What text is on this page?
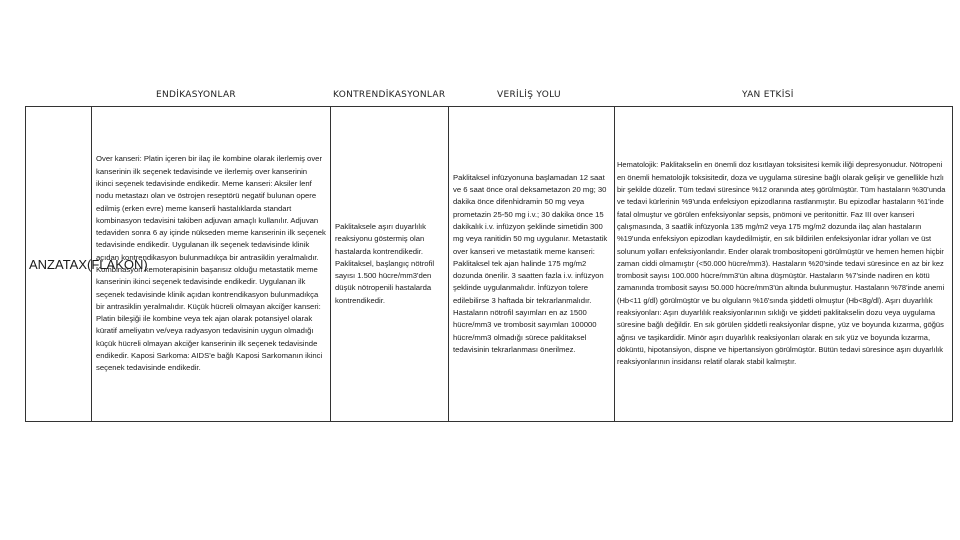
ENDİKASYONLAR	KONTRENDİKASYONLAR	VERİLİŞ YOLU	YAN ETKİSİ
ANZATAX(FLAKON)	Over kanseri: Platin içeren bir ilaç ile kombine olarak ilerlemiş over kanserinin ilk seçenek tedavisinde ve ilerlemiş over kanserinin ikinci seçenek tedavisinde endikedir. Meme kanseri: Aksiler lenf nodu metastazı olan ve östrojen reseptörü negatif bulunan opere edilmiş (erken evre) meme kanserli hastalıklarda standart kombinasyon tedavisini takiben adjuvan amaçlı kullanılır. Adjuvan tedaviden sonra 6 ay içinde nükseden meme kanserinin ilk seçenek tedavisinde endikedir. Uygulanan ilk seçenek tedavisinde klinik açıdan kontrendikasyon bulunmadıkça bir antrasiklin yeralmalıdır. Kombinasyon kemoterapisinin başarısız olduğu metastatik meme kanserinin ikinci seçenek tedavisinde endikedir. Uygulanan ilk seçenek tedavisinde klinik açıdan kontrendikasyon bulunmadıkça bir antrasiklin yeralmalıdır. Küçük hücreli olmayan akciğer kanseri: Platin bileşiği ile kombine veya tek ajan olarak potansiyel olarak küratif ameliyatın ve/veya radyasyon tedavisinin uygun olmadığı küçük hücreli olmayan akciğer kanserinin ilk seçenek tedavisinde endikedir. Kaposi Sarkoma: AIDS'e bağlı Kaposi Sarkomanın ikinci seçenek tedavisinde endikedir.	Paklitaksele aşırı duyarlılık reaksiyonu göstermiş olan hastalarda kontrendikedir. Paklitaksel, başlangıç nötrofil sayısı 1.500 hücre/mm3'den düşük nötropenili hastalarda kontrendikedir.	Paklitaksel infüzyonuna başlamadan 12 saat ve 6 saat önce oral deksametazon 20 mg; 30 dakika önce difenhidramin 50 mg veya prometazin 25-50 mg i.v.; 30 dakika önce 15 dakikalık i.v. infüzyon şeklinde simetidin 300 mg veya ranitidin 50 mg uygulanır. Metastatik over kanseri ve metastatik meme kanseri: Paklitaksel tek ajan halinde 175 mg/m2 dozunda önerilir. 3 saatten fazla i.v. infüzyon şeklinde uygulanmalıdır. İnfüzyon tolere edilebilirse 3 haftada bir tekrarlanmalıdır. Hastaların nötrofil sayımları en az 1500 hücre/mm3 ve trombosit sayımları 100000 hücre/mm3 olmadığı sürece paklitaksel tedavisinin tekrarlanması önerilmez.	Hematolojik: Paklitakselin en önemli doz kısıtlayan toksisitesi kemik iliği depresyonudur. Nötropeni en önemli hematolojik toksisitedir, doza ve uygulama süresine bağlı olarak gelişir ve genellikle hızlı bir şekilde düzelir. Tüm tedavi süresince %12 oranında ateş görülmüştür. Tüm hastaların %30'unda ve tedavi kürlerinin %9'unda enfeksiyon epizodlarına rastlanmıştır. Bu epizodlar hastaların %1'inde fatal olmuştur ve görülen enfeksiyonlar sepsis, pnömoni ve peritonittir. Faz III over kanseri çalışmasında, 3 saatlik infüzyonla 135 mg/m2 veya 175 mg/m2 dozunda ilaç alan hastaların %19'unda enfeksiyon epizodları kaydedilmiştir, en sık bildirilen enfeksiyonlar idrar yolları ve üst solunum yolları enfeksiyonlarıdır. Ender olarak trombositopeni görülmüştür ve hemen hemen hiçbir zaman ciddi olmamıştır (<50.000 hücre/mm3). Hastaların %20'sinde tedavi süresince en az bir kez trombosit sayısı 100.000 hücre/mm3'ün altına düşmüştür. Hastaların %7'sinde nadiren en kötü zamanında trombosit sayısı 50.000 hücre/mm3'ün altında bulunmuştur. Hastaların %78'inde anemi (Hb<11 g/dl) görülmüştür ve bu olguların %16'sında şiddetli olmuştur (Hb<8g/dl). Aşırı duyarlılık reaksiyonları: Aşırı duyarlılık reaksiyonlarının sıklığı ve şiddeti paklitakselin dozu veya uygulama süresine bağlı değildir. En sık görülen şiddetli reaksiyonlar dispne, yüz ve boyunda kızarma, göğüs ağrısı ve taşikardidir. Minör aşırı duyarlılık reaksiyonları olarak en sık yüz ve boyunda kızarma, döküntü, hipotansiyon, dispne ve hipertansiyon görülmüştür. Bütün tedavi süresince aşırı duyarlılık reaksiyonlarının insidansı relatif olarak stabil kalmıştır.
